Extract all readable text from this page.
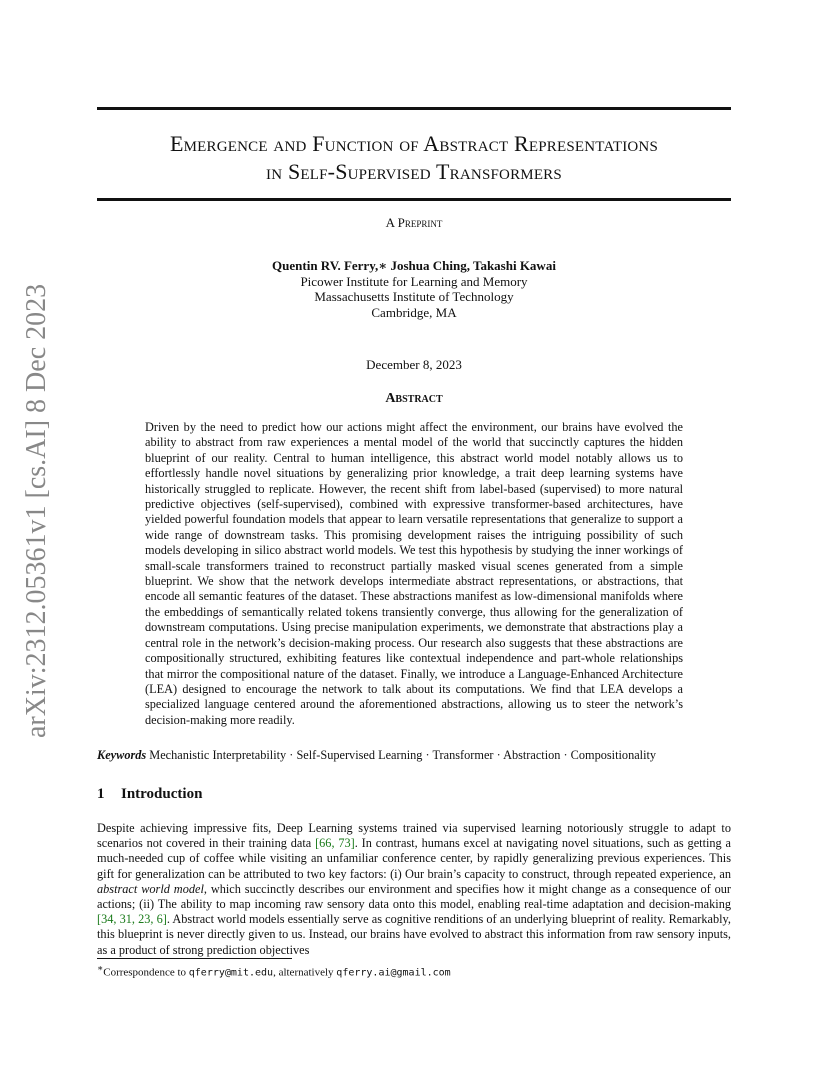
arXiv:2312.05361v1 [cs.AI] 8 Dec 2023
Emergence and Function of Abstract Representations
in Self-Supervised Transformers
A Preprint
Quentin RV. Ferry,∗ Joshua Ching, Takashi Kawai
Picower Institute for Learning and Memory
Massachusetts Institute of Technology
Cambridge, MA
December 8, 2023
Abstract
Driven by the need to predict how our actions might affect the environment, our brains have evolved the ability to abstract from raw experiences a mental model of the world that succinctly captures the hidden blueprint of our reality. Central to human intelligence, this abstract world model notably allows us to effortlessly handle novel situations by generalizing prior knowledge, a trait deep learning systems have historically struggled to replicate. However, the recent shift from label-based (supervised) to more natural predictive objectives (self-supervised), combined with expressive transformer-based architectures, have yielded powerful foundation models that appear to learn versatile representations that generalize to support a wide range of downstream tasks. This promising development raises the intriguing possibility of such models developing in silico abstract world models. We test this hypothesis by studying the inner workings of small-scale transformers trained to reconstruct partially masked visual scenes generated from a simple blueprint. We show that the network develops intermediate abstract representations, or abstractions, that encode all semantic features of the dataset. These abstractions manifest as low-dimensional manifolds where the embeddings of semantically related tokens transiently converge, thus allowing for the generalization of downstream computations. Using precise manipulation experiments, we demonstrate that abstractions play a central role in the network’s decision-making process. Our research also suggests that these abstractions are compositionally structured, exhibiting features like contextual independence and part-whole relationships that mirror the compositional nature of the dataset. Finally, we introduce a Language-Enhanced Architecture (LEA) designed to encourage the network to talk about its computations. We find that LEA develops a specialized language centered around the aforementioned abstractions, allowing us to steer the network’s decision-making more readily.
Keywords Mechanistic Interpretability · Self-Supervised Learning · Transformer · Abstraction · Compositionality
1 Introduction
Despite achieving impressive fits, Deep Learning systems trained via supervised learning notoriously struggle to adapt to scenarios not covered in their training data [66, 73]. In contrast, humans excel at navigating novel situations, such as getting a much-needed cup of coffee while visiting an unfamiliar conference center, by rapidly generalizing previous experiences. This gift for generalization can be attributed to two key factors: (i) Our brain’s capacity to construct, through repeated experience, an abstract world model, which succinctly describes our environment and specifies how it might change as a consequence of our actions; (ii) The ability to map incoming raw sensory data onto this model, enabling real-time adaptation and decision-making [34, 31, 23, 6]. Abstract world models essentially serve as cognitive renditions of an underlying blueprint of reality. Remarkably, this blueprint is never directly given to us. Instead, our brains have evolved to abstract this information from raw sensory inputs, as a product of strong prediction objectives
∗Correspondence to qferry@mit.edu, alternatively qferry.ai@gmail.com
